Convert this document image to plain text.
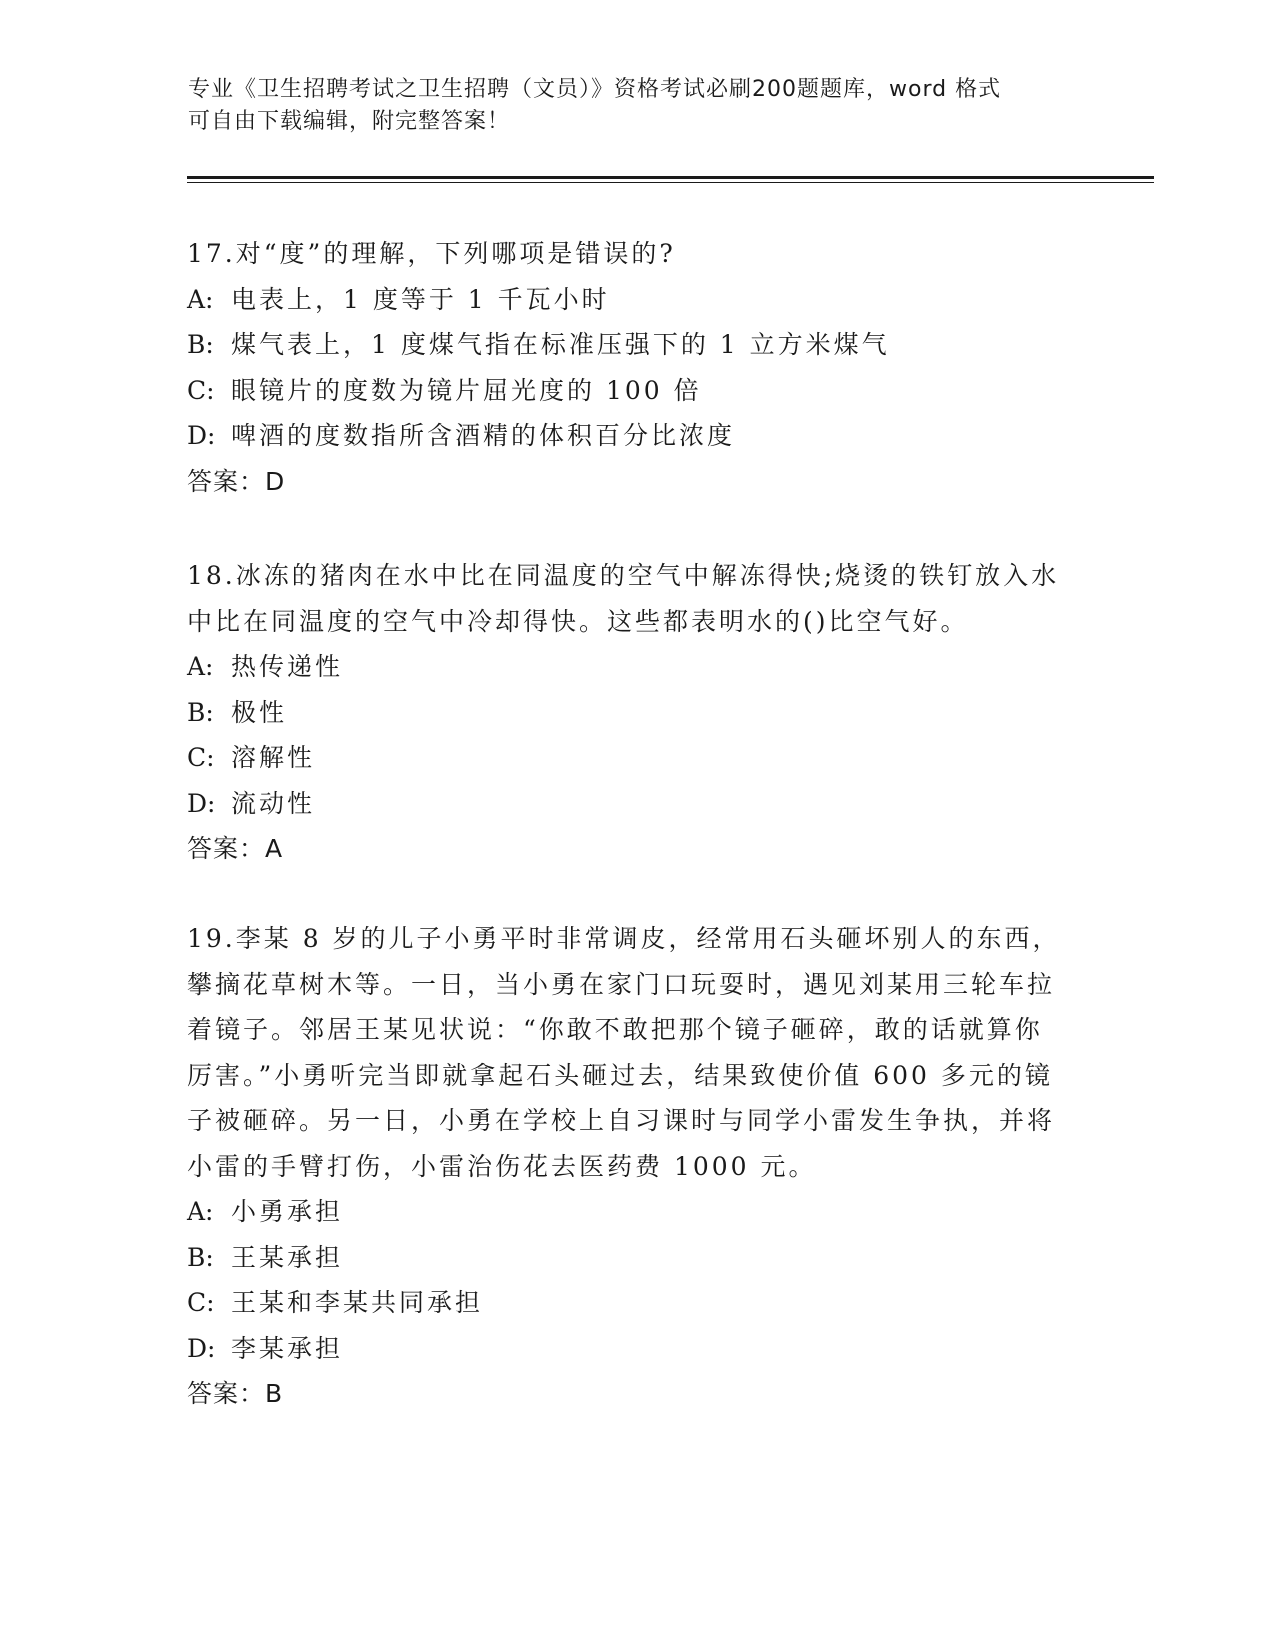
专业《卫生招聘考试之卫生招聘（文员）》资格考试必刷200题题库，word 格式
可自由下载编辑，附完整答案！
17.对“度”的理解，下列哪项是错误的?
A: 电表上，1 度等于 1 千瓦小时
B: 煤气表上，1 度煤气指在标准压强下的 1 立方米煤气
C: 眼镜片的度数为镜片屈光度的 100 倍
D: 啤酒的度数指所含酒精的体积百分比浓度
答案：D
18.冰冻的猪肉在水中比在同温度的空气中解冻得快;烧烫的铁钉放入水中比在同温度的空气中冷却得快。这些都表明水的()比空气好。
A: 热传递性
B: 极性
C: 溶解性
D: 流动性
答案：A
19.李某 8 岁的儿子小勇平时非常调皮，经常用石头砸坏别人的东西，攀摘花草树木等。一日，当小勇在家门口玩耍时，遇见刘某用三轮车拉着镜子。邻居王某见状说：“你敢不敢把那个镜子砸碎，敢的话就算你厉害。”小勇听完当即就拿起石头砸过去，结果致使价值 600 多元的镜子被砸碎。另一日，小勇在学校上自习课时与同学小雷发生争执，并将小雷的手臂打伤，小雷治伤花去医药费 1000 元。
A: 小勇承担
B: 王某承担
C: 王某和李某共同承担
D: 李某承担
答案：B
